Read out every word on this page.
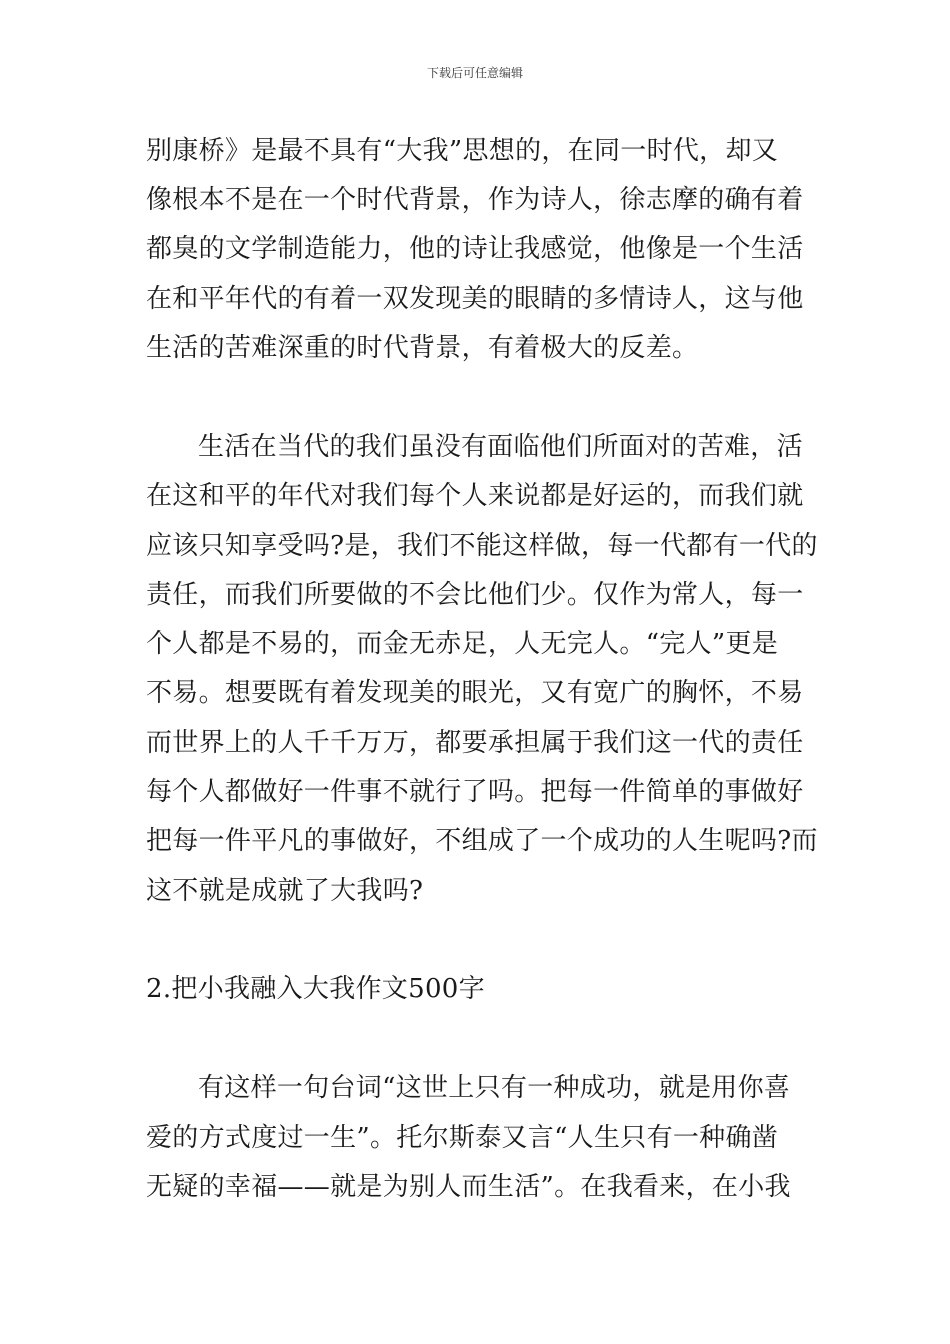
下载后可任意编辑
别康桥》是最不具有“大我”思想的，在同一时代，却又
像根本不是在一个时代背景，作为诗人，徐志摩的确有着
都臭的文学制造能力，他的诗让我感觉，他像是一个生活
在和平年代的有着一双发现美的眼睛的多情诗人，这与他
生活的苦难深重的时代背景，有着极大的反差。
生活在当代的我们虽没有面临他们所面对的苦难，活
在这和平的年代对我们每个人来说都是好运的，而我们就
应该只知享受吗?是，我们不能这样做，每一代都有一代的
责任，而我们所要做的不会比他们少。仅作为常人，每一
个人都是不易的，而金无赤足，人无完人。“完人”更是
不易。想要既有着发现美的眼光，又有宽广的胸怀，不易
而世界上的人千千万万，都要承担属于我们这一代的责任
每个人都做好一件事不就行了吗。把每一件简单的事做好
把每一件平凡的事做好，不组成了一个成功的人生呢吗?而
这不就是成就了大我吗?
2.把小我融入大我作文500字
有这样一句台词“这世上只有一种成功，就是用你喜
爱的方式度过一生”。托尔斯泰又言“人生只有一种确凿
无疑的幸福——就是为别人而生活”。在我看来，在小我
